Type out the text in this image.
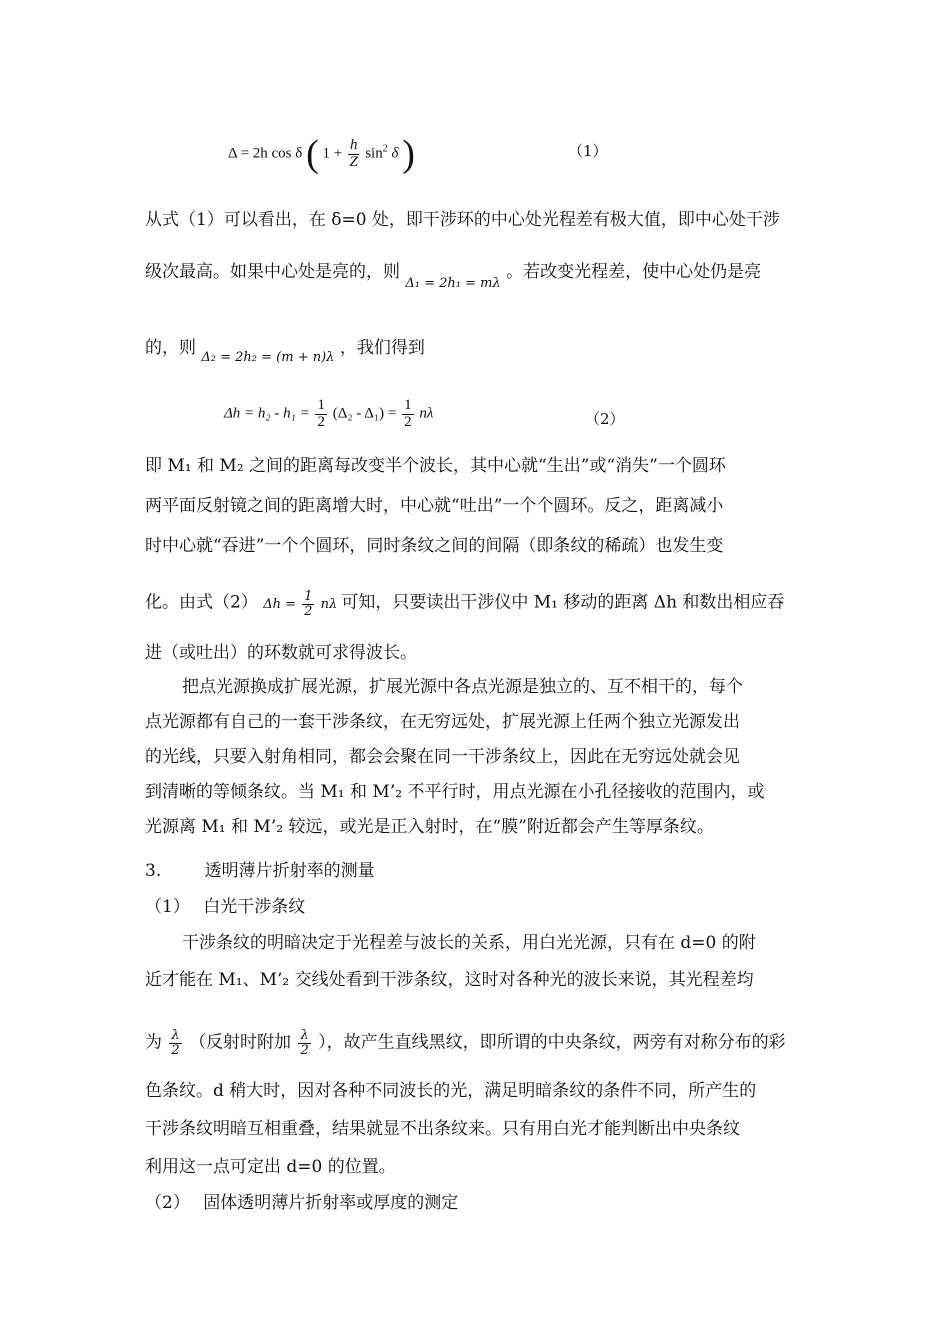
Δ = 2h cos δ ( $1 + \frac{h}{Z} \sin^2 \delta$ )	（1）
从式（1）可以看出，在 δ=0 处，即干涉环的中心处光程差有极大值，即中心处干涉
级次最高。如果中心处是亮的，则 $_{\Delta_1 = 2h_1 = m\lambda}$ 。若改变光程差，使中心处仍是亮
的，则 $_{\Delta_2 = 2h_2 = (m + n)\lambda}$ ，我们得到
$\Delta h = h_2 - h_1 = \frac{1}{2} (\Delta_2 - \Delta_1) = \frac{1}{2}$ nλ	（2）
即 M₁ 和 M₂ 之间的距离每改变半个波长，其中心就“生出”或“消失”一个圆环
两平面反射镜之间的距离增大时，中心就“吐出”一个个圆环。反之，距离减小
时中心就“吞进”一个个圆环，同时条纹之间的间隔（即条纹的稀疏）也发生变
化。由式（2） $\Delta h = \frac{1}{2}$ nλ 可知，只要读出干涉仪中 M₁ 移动的距离 Δh 和数出相应吞
进（或吐出）的环数就可求得波长。
把点光源换成扩展光源，扩展光源中各点光源是独立的、互不相干的，每个
点光源都有自己的一套干涉条纹，在无穷远处，扩展光源上任两个独立光源发出
的光线，只要入射角相同，都会会聚在同一干涉条纹上，因此在无穷远处就会见
到清晰的等倾条纹。当 M₁ 和 M’₂ 不平行时，用点光源在小孔径接收的范围内，或
光源离 M₁ 和 M’₂ 较远，或光是正入射时，在“膜”附近都会产生等厚条纹。
3.	透明薄片折射率的测量
（1） 白光干涉条纹
干涉条纹的明暗决定于光程差与波长的关系，用白光光源，只有在 d=0 的附
近才能在 M₁、M’₂ 交线处看到干涉条纹，这时对各种光的波长来说，其光程差均
为 $\frac{\lambda}{2}$ （反射时附加 $\frac{\lambda}{2}$ ），故产生直线黑纹，即所谓的中央条纹，两旁有对称分布的彩
色条纹。d 稍大时，因对各种不同波长的光，满足明暗条纹的条件不同，所产生的
干涉条纹明暗互相重叠，结果就显不出条纹来。只有用白光才能判断出中央条纹
利用这一点可定出 d=0 的位置。
（2） 固体透明薄片折射率或厚度的测定
